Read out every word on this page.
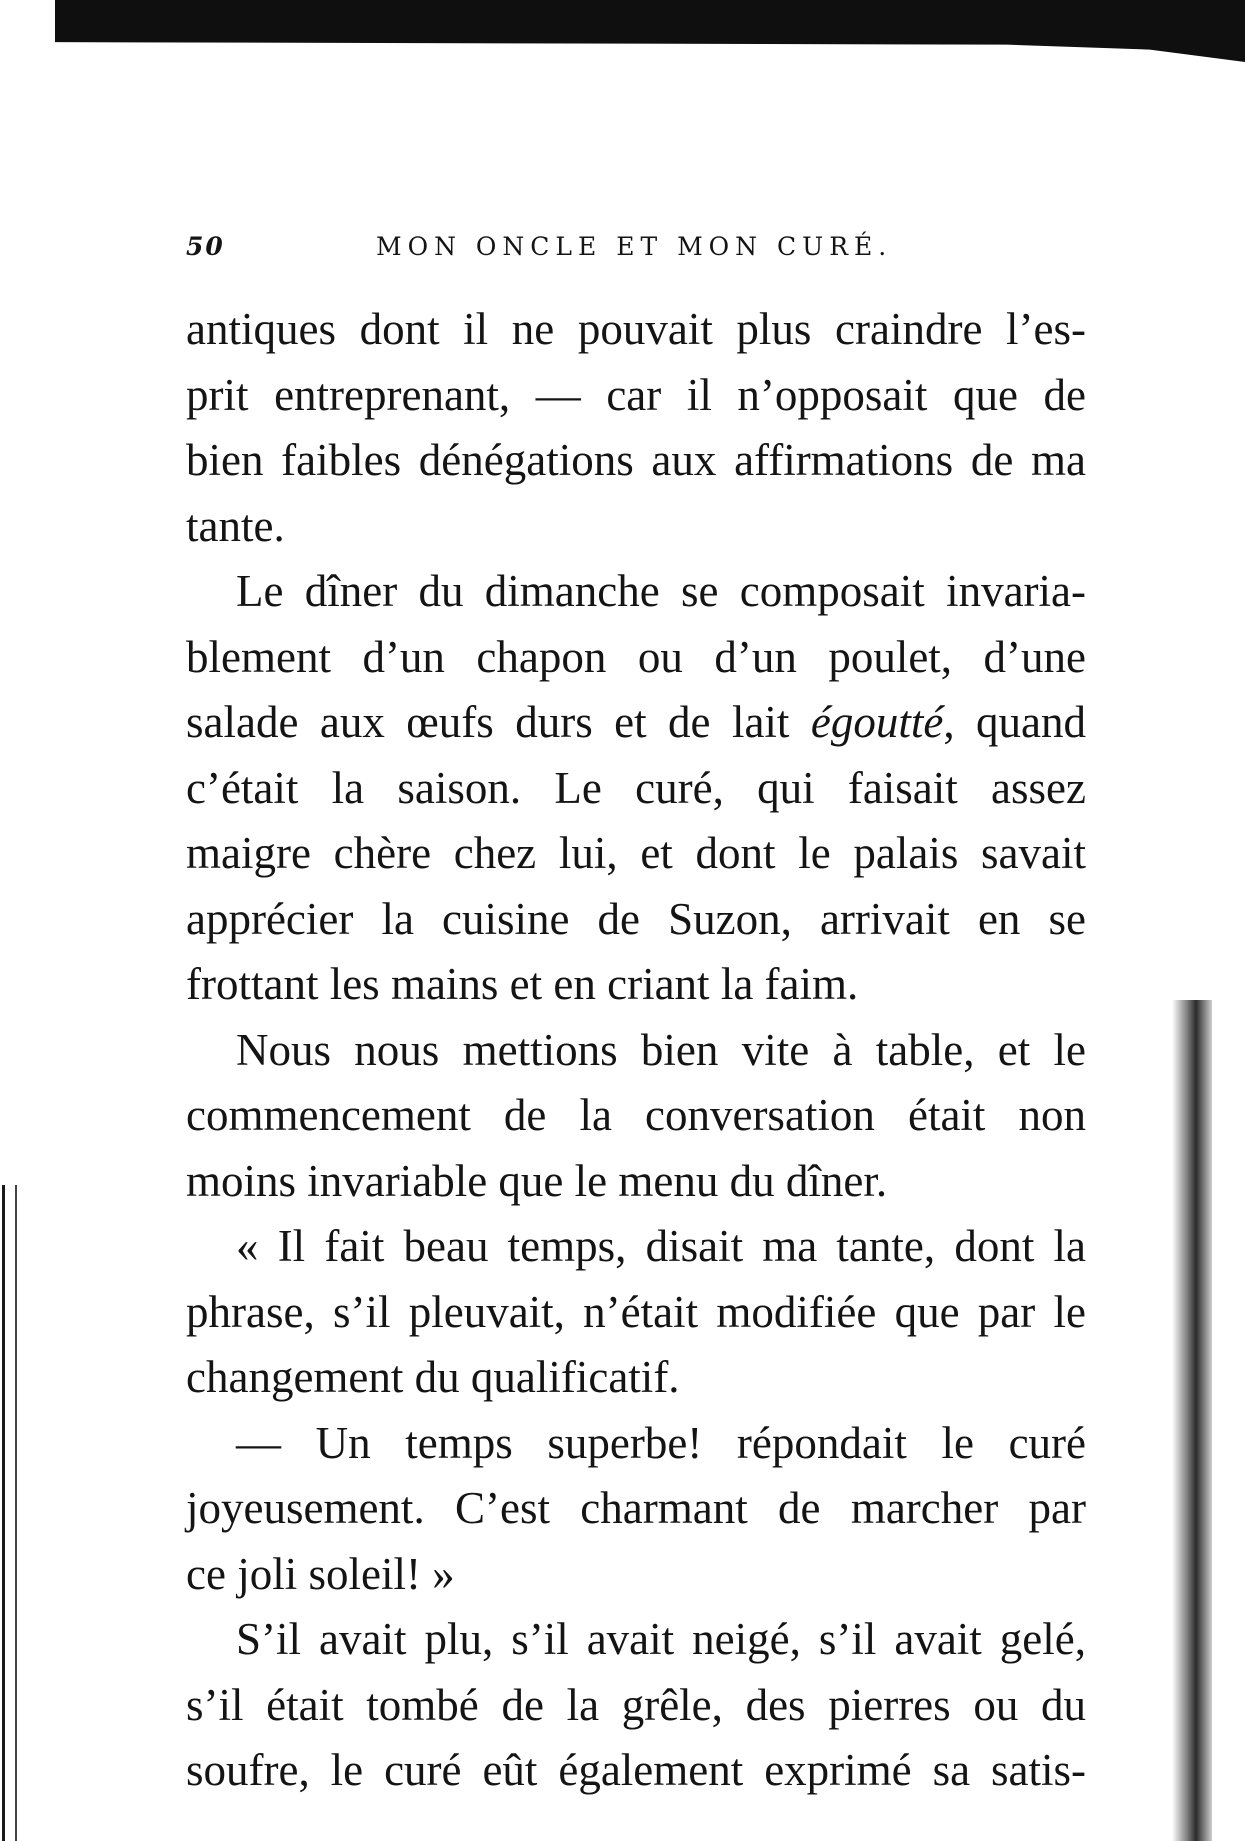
50	MON ONCLE ET MON CURÉ.
antiques dont il ne pouvait plus craindre l’es-
prit entreprenant, — car il n’opposait que de
bien faibles dénégations aux affirmations de ma
tante.
Le dîner du dimanche se composait invaria-
blement d’un chapon ou d’un poulet, d’une
salade aux œufs durs et de lait égoutté, quand
c’était la saison. Le curé, qui faisait assez
maigre chère chez lui, et dont le palais savait
apprécier la cuisine de Suzon, arrivait en se
frottant les mains et en criant la faim.
Nous nous mettions bien vite à table, et le
commencement de la conversation était non
moins invariable que le menu du dîner.
« Il fait beau temps, disait ma tante, dont la
phrase, s’il pleuvait, n’était modifiée que par le
changement du qualificatif.
— Un temps superbe! répondait le curé
joyeusement. C’est charmant de marcher par
ce joli soleil! »
S’il avait plu, s’il avait neigé, s’il avait gelé,
s’il était tombé de la grêle, des pierres ou du
soufre, le curé eût également exprimé sa satis-
